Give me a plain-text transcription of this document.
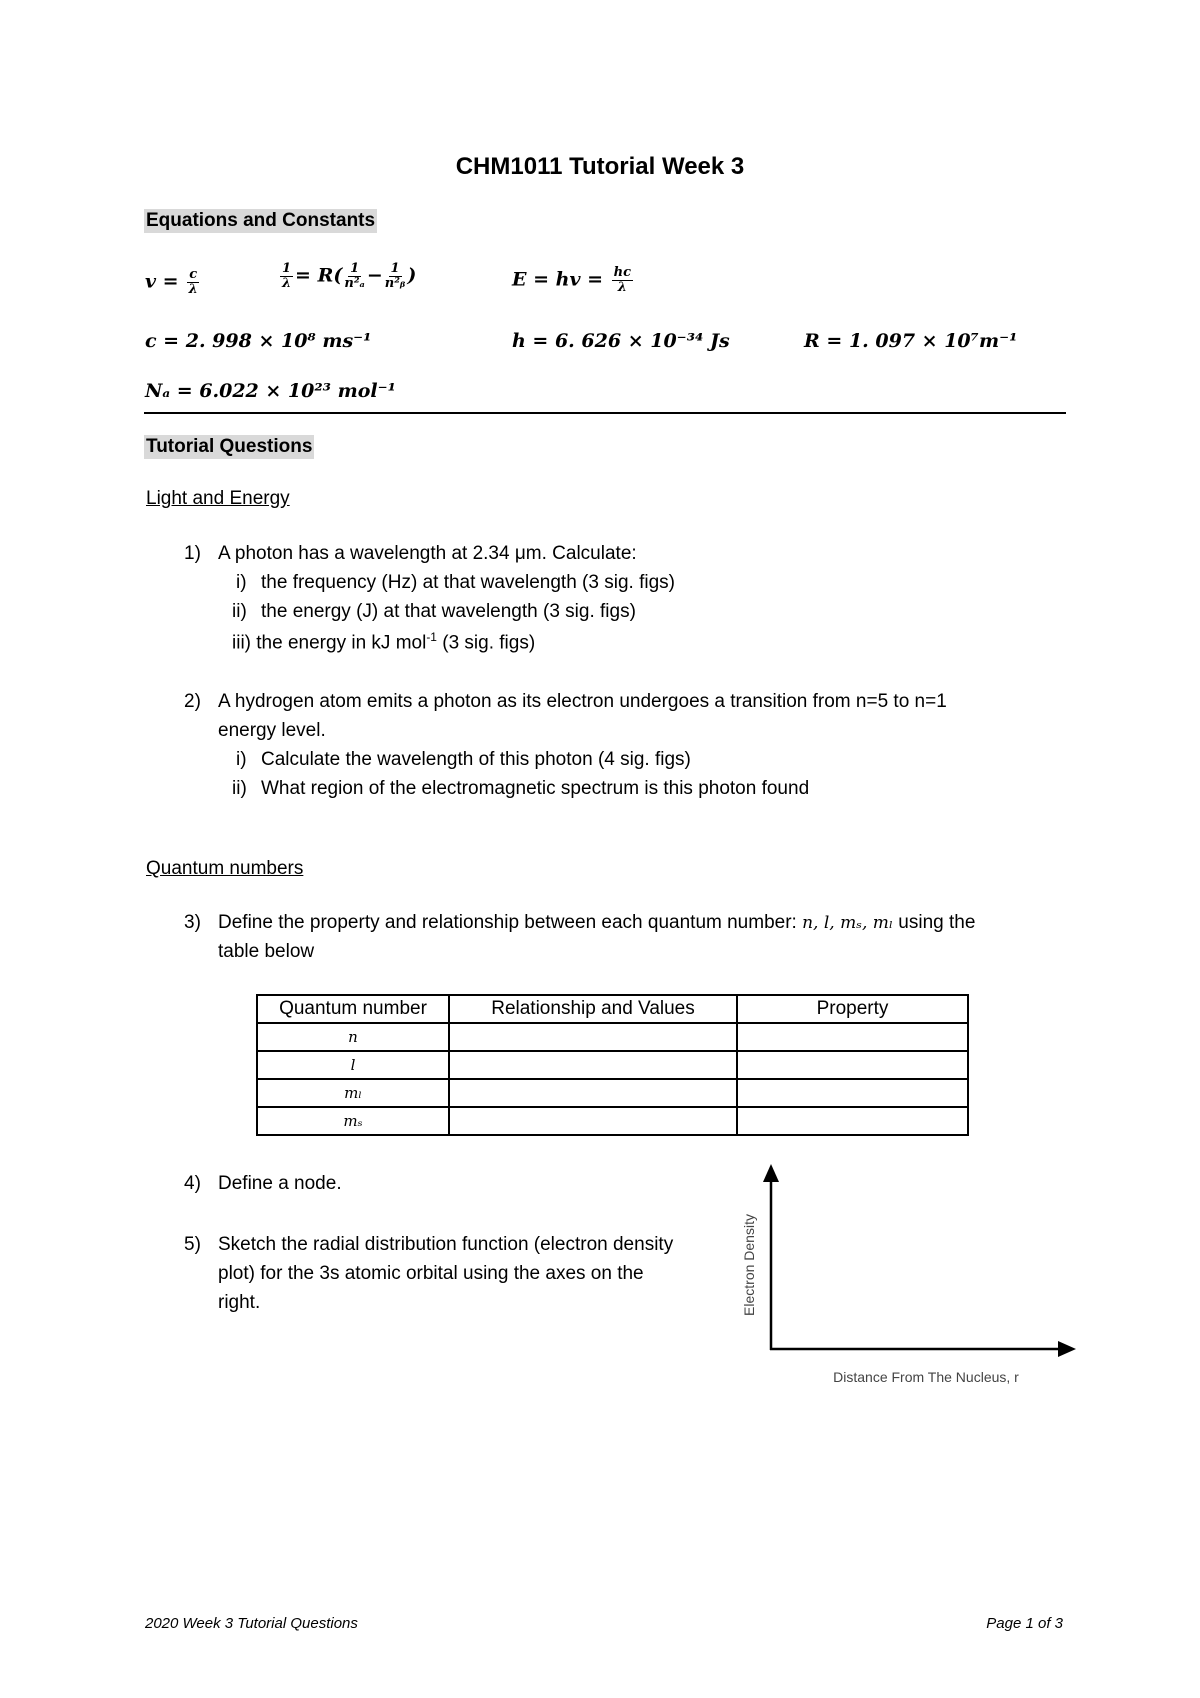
CHM1011 Tutorial Week 3
Equations and Constants
$v = \frac{c}{\lambda}$	$\frac{1}{\lambda} = R( \frac{1}{\text{n²ₐ}} - \frac{1}{\text{n²ᵦ}}$ )	E = hv = $\frac{hc}{\lambda}$
c = 2. 998 × 10⁸ ms⁻¹	h = 6. 626 × 10⁻³⁴ Js	R = 1. 097 × 10⁷m⁻¹
Nₐ = 6.022 × 10²³ mol⁻¹
Tutorial Questions
Light and Energy
1) A photon has a wavelength at 2.34 μm. Calculate:
i) the frequency (Hz) at that wavelength (3 sig. figs)
ii) the energy (J) at that wavelength (3 sig. figs)
iii) the energy in kJ mol$^{-1}$ (3 sig. figs)
2) A hydrogen atom emits a photon as its electron undergoes a transition from n=5 to n=1
energy level.
i) Calculate the wavelength of this photon (4 sig. figs)
ii) What region of the electromagnetic spectrum is this photon found
Quantum numbers
3) Define the property and relationship between each quantum number: n, l, mₛ, mₗ using the
table below
Quantum number	Relationship and Values	Property
n		
l		
mₗ		
mₛ		
4) Define a node.
5) Sketch the radial distribution function (electron density
plot) for the 3s atomic orbital using the axes on the
right.	Electron Density
Distance From The Nucleus, r
2020 Week 3 Tutorial Questions	Page 1 of 3
